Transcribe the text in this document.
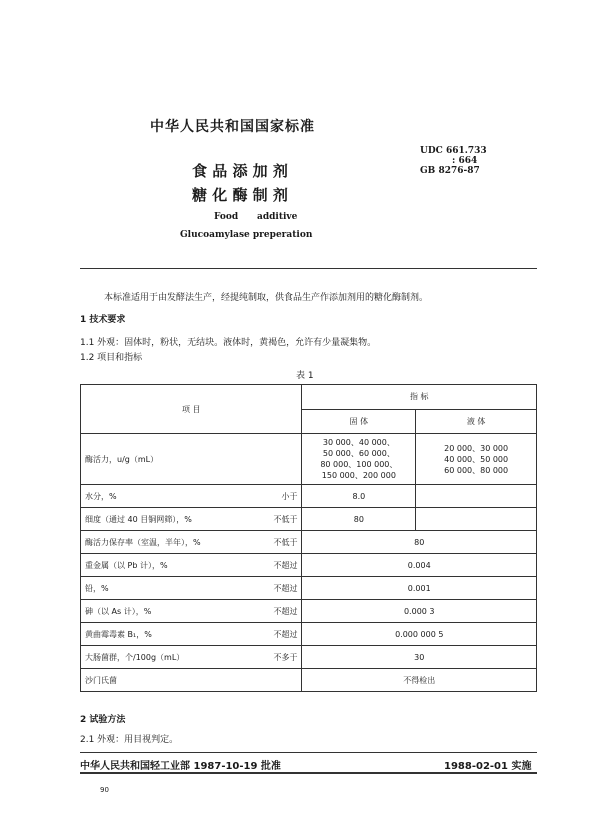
中华人民共和国国家标准
UDC 661.733
: 664
GB 8276-87
食 品 添 加 剂
糖 化 酶 制 剂
Food      additive
Glucoamylase preperation
本标准适用于由发酵法生产，经提纯制取，供食品生产作添加剂用的糖化酶制剂。
1 技术要求
1.1 外观：固体时，粉状，无结块。液体时，黄褐色，允许有少量凝集物。
1.2 项目和指标
表 1
项 目	指 标	
	固 体	液 体
酶活力，u/g（mL）	30 000、40 000、
50 000、60 000、
80 000、100 000、
150 000、200 000	20 000、30 000
40 000、50 000
60 000、80 000

水分，% 小于	8.0	

细度（通过 40 目铜网筛），% 不低于	80	

酶活力保存率（室温，半年），% 不低于	80	

重金属（以 Pb 计），% 不超过	0.004	

铅，% 不超过	0.001	

砷（以 As 计），% 不超过	0.000 3	

黄曲霉毒素 B₁，% 不超过	0.000 000 5	

大肠菌群，个/100g（mL） 不多于	30	

沙门氏菌	不得检出	
2 试验方法
2.1 外观：用目视判定。
中华人民共和国轻工业部 1987-10-19 批准	1988-02-01 实施
90
